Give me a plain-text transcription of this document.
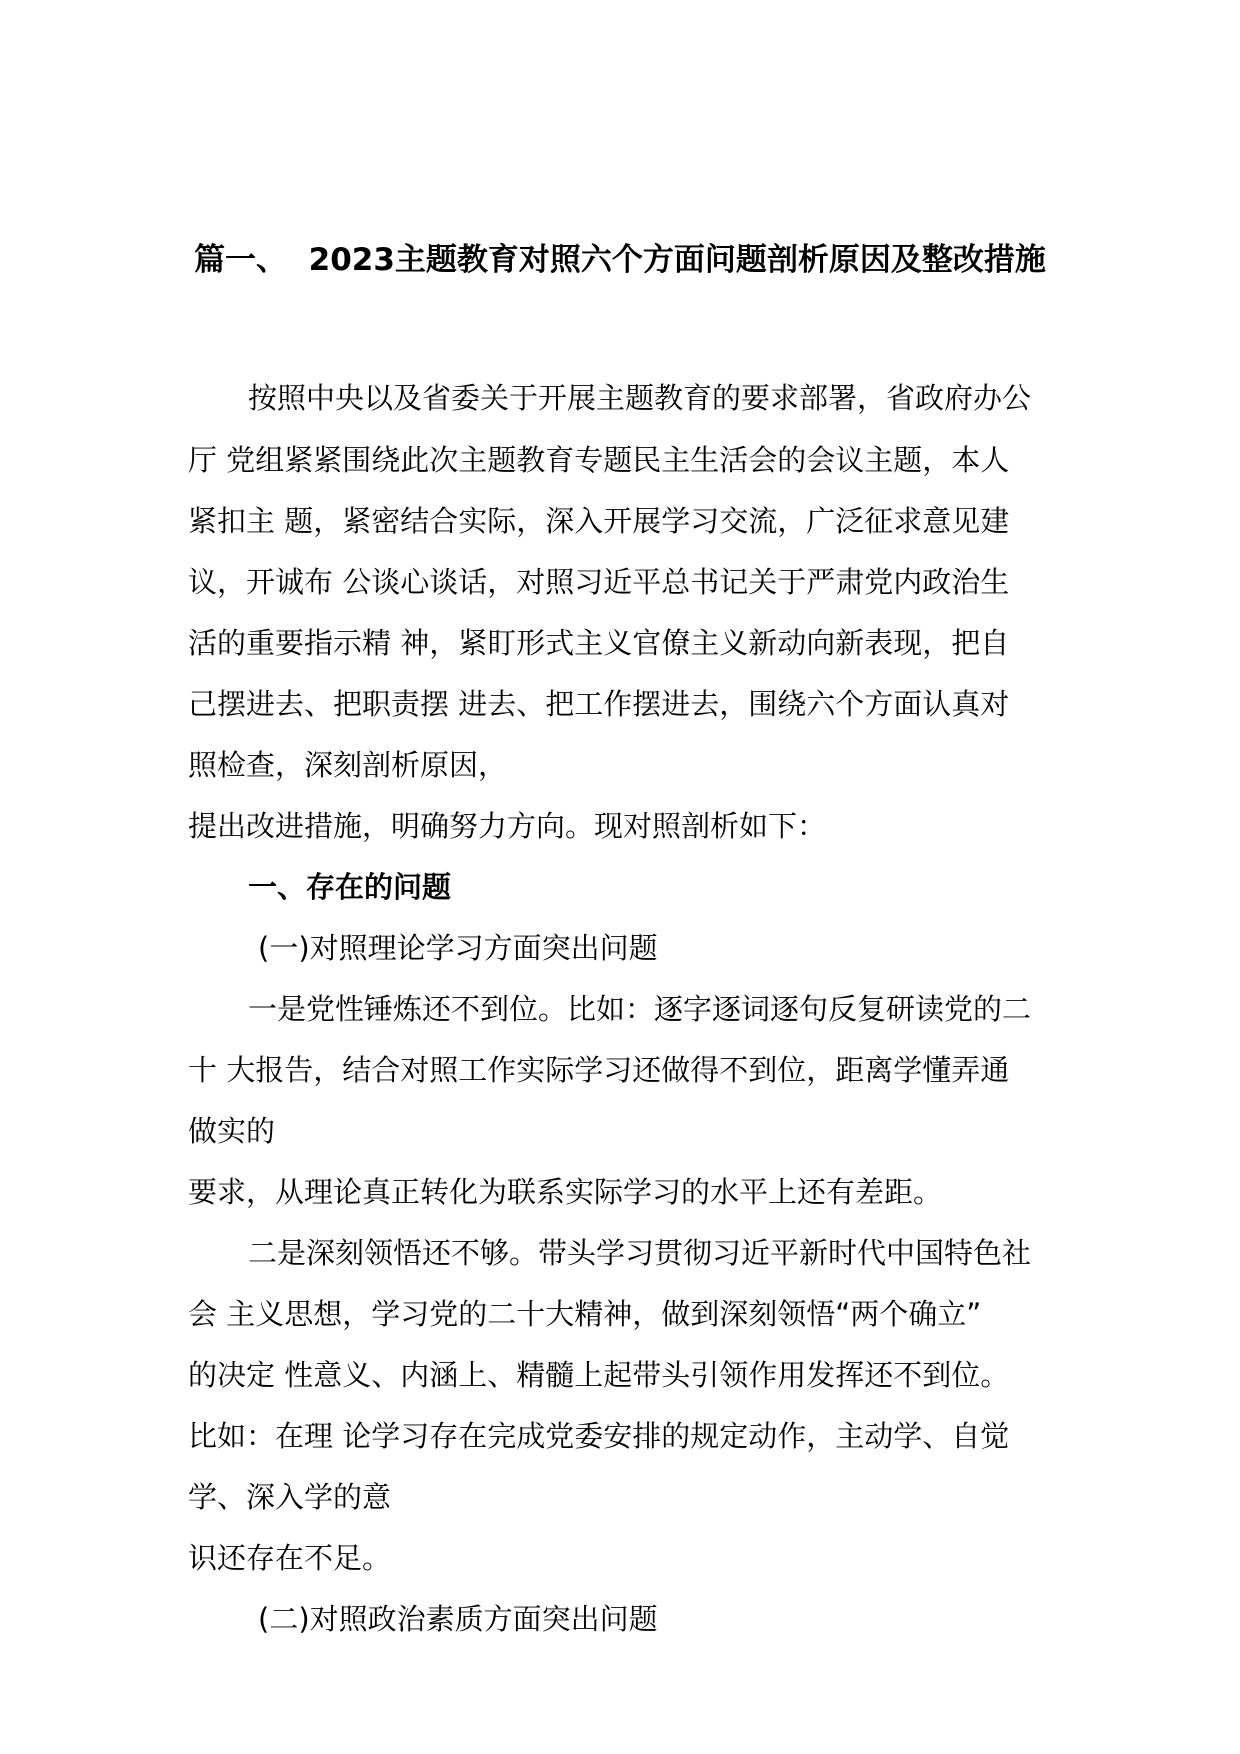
篇一、  2023主题教育对照六个方面问题剖析原因及整改措施

按照中央以及省委关于开展主题教育的要求部署，省政府办公

厅 党组紧紧围绕此次主题教育专题民主生活会的会议主题，本人

紧扣主 题，紧密结合实际，深入开展学习交流，广泛征求意见建

议，开诚布 公谈心谈话，对照习近平总书记关于严肃党内政治生

活的重要指示精 神，紧盯形式主义官僚主义新动向新表现，把自

己摆进去、把职责摆 进去、把工作摆进去，围绕六个方面认真对

照检查，深刻剖析原因，

提出改进措施，明确努力方向。现对照剖析如下：

一、存在的问题

(一)对照理论学习方面突出问题

一是党性锤炼还不到位。比如：逐字逐词逐句反复研读党的二

十 大报告，结合对照工作实际学习还做得不到位，距离学懂弄通

做实的

要求，从理论真正转化为联系实际学习的水平上还有差距。

二是深刻领悟还不够。带头学习贯彻习近平新时代中国特色社

会 主义思想，学习党的二十大精神，做到深刻领悟“两个确立”

的决定 性意义、内涵上、精髓上起带头引领作用发挥还不到位。

比如：在理 论学习存在完成党委安排的规定动作，主动学、自觉

学、深入学的意

识还存在不足。

(二)对照政治素质方面突出问题
